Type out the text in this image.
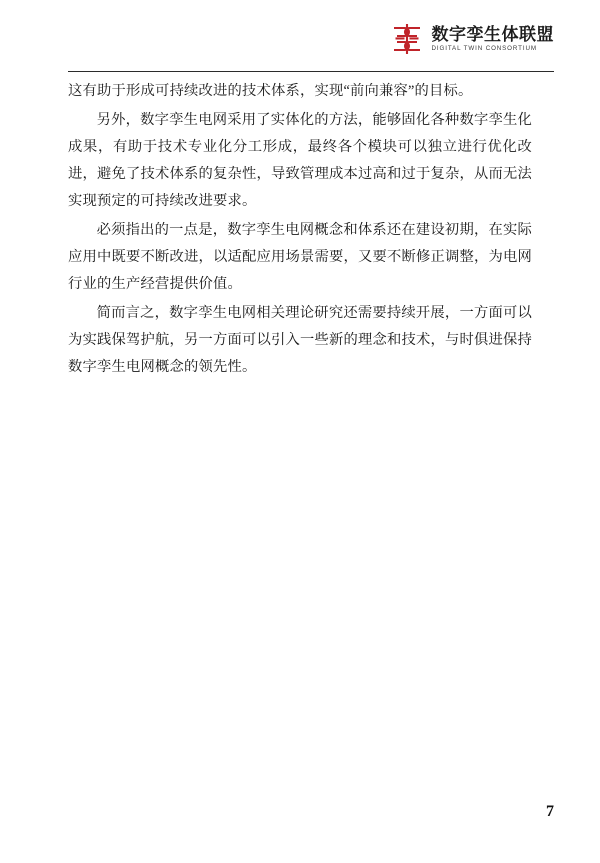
数字孪生体联盟
DIGITAL TWIN CONSORTIUM

这有助于形成可持续改进的技术体系，实现“前向兼容”的目标。

另外，数字孪生电网采用了实体化的方法，能够固化各种数字孪生化成果，有助于技术专业化分工形成，最终各个模块可以独立进行优化改进，避免了技术体系的复杂性，导致管理成本过高和过于复杂，从而无法实现预定的可持续改进要求。

必须指出的一点是，数字孪生电网概念和体系还在建设初期，在实际应用中既要不断改进，以适配应用场景需要，又要不断修正调整，为电网行业的生产经营提供价值。

简而言之，数字孪生电网相关理论研究还需要持续开展，一方面可以为实践保驾护航，另一方面可以引入一些新的理念和技术，与时俱进保持数字孪生电网概念的领先性。

7
